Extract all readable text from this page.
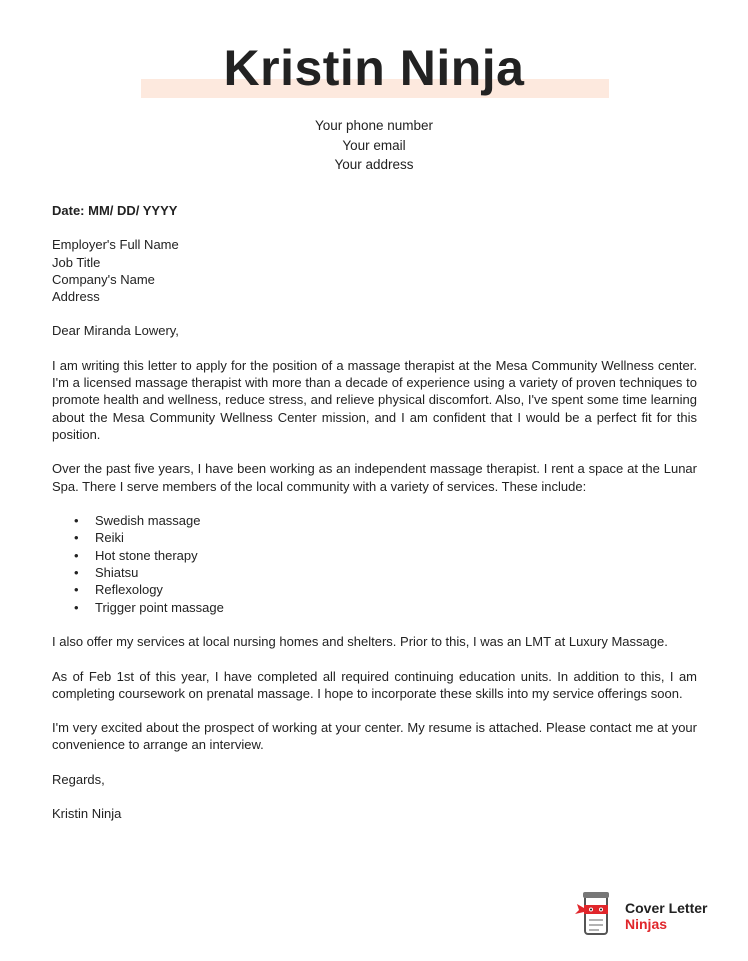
Kristin Ninja
Your phone number
Your email
Your address

Date: MM/ DD/ YYYY

Employer's Full Name

Job Title

Company's Name

Address

Dear Miranda Lowery,

I am writing this letter to apply for the position of a massage therapist at the Mesa Community Wellness center. I'm a licensed massage therapist with more than a decade of experience using a variety of proven techniques to promote health and wellness, reduce stress, and relieve physical discomfort. Also, I've spent some time learning about the Mesa Community Wellness Center mission, and I am confident that I would be a perfect fit for this position.

Over the past five years, I have been working as an independent massage therapist. I rent a space at the Lunar Spa. There I serve members of the local community with a variety of services. These include:

• Swedish massage
• Reiki
• Hot stone therapy
• Shiatsu
• Reflexology
• Trigger point massage

I also offer my services at local nursing homes and shelters. Prior to this, I was an LMT at Luxury Massage.

As of Feb 1st of this year, I have completed all required continuing education units. In addition to this, I am completing coursework on prenatal massage. I hope to incorporate these skills into my service offerings soon.

I'm very excited about the prospect of working at your center. My resume is attached. Please contact me at your convenience to arrange an interview.

Regards,

Kristin Ninja

Cover Letter
Ninjas
